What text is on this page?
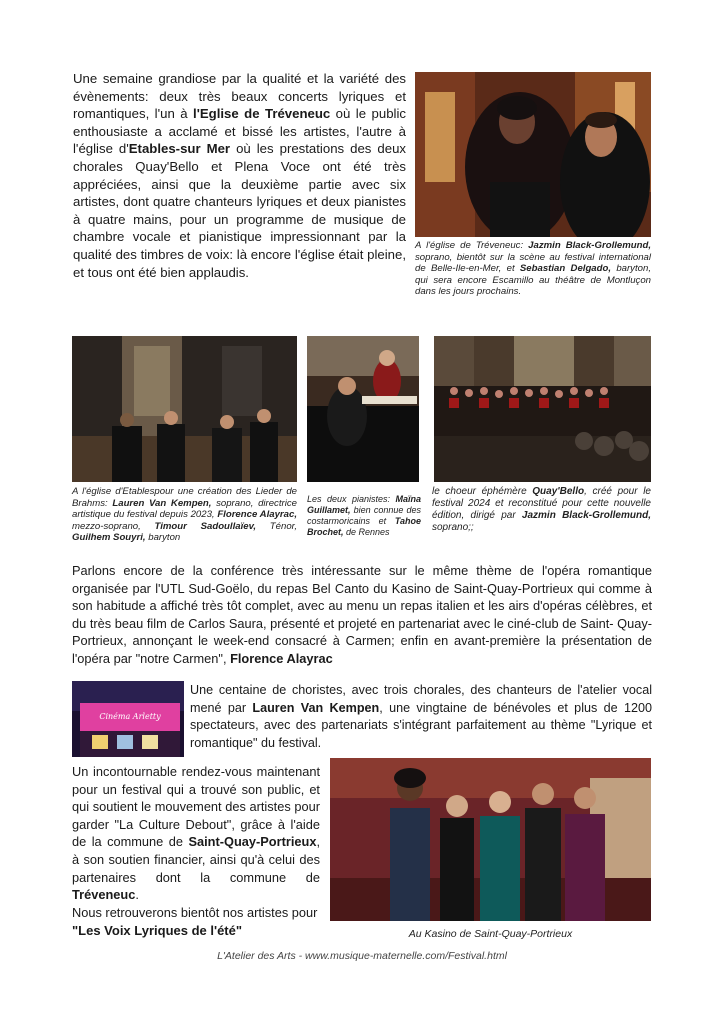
Une semaine grandiose par la qualité et la variété des évènements: deux très beaux concerts lyriques et romantiques, l'un à l'Eglise de Tréveneuc où le public enthousiaste a acclamé et bissé les artistes, l'autre à l'église d'Etables-sur Mer où les prestations des deux chorales Quay'Bello et Plena Voce ont été très appréciées, ainsi que la deuxième partie avec six artistes, dont quatre chanteurs lyriques et deux pianistes à quatre mains, pour un programme de musique de chambre vocale et pianistique impressionnant par la qualité des timbres de voix: là encore l'église était pleine, et tous ont été bien applaudis.
A l'église de Tréveneuc: Jazmin Black-Grollemund, soprano, bientôt sur la scène au festival international de Belle-Ile-en-Mer, et Sebastian Delgado, baryton, qui sera encore Escamillo au théâtre de Montluçon dans les jours prochains.
A l'église d'Etablespour une création des Lieder de Brahms: Lauren Van Kempen, soprano, directrice artistique du festival depuis 2023, Florence Alayrac, mezzo-soprano, Timour Sadoullaïev, Ténor, Guilhem Souyri, baryton
Les deux pianistes: Maïna Guillamet, bien connue des costarmoricains et Tahoe Brochet, de Rennes
le choeur éphémère Quay'Bello, créé pour le festival 2024 et reconstitué pour cette nouvelle édition, dirigé par Jazmin Black-Grollemund, soprano;;
Parlons encore de la conférence très intéressante sur le même thème de l'opéra romantique organisée par l'UTL Sud-Goëlo, du repas Bel Canto du Kasino de Saint-Quay-Portrieux qui comme à son habitude a affiché très tôt complet, avec au menu un repas italien et les airs d'opéras célèbres, et du très beau film de Carlos Saura, présenté et projeté en partenariat avec le ciné-club de Saint- Quay-Portrieux, annonçant le week-end consacré à Carmen; enfin en avant-première la présentation de l'opéra par "notre Carmen", Florence Alayrac
Cinéma Arletty
Une centaine de choristes, avec trois chorales, des chanteurs de l'atelier vocal mené par Lauren Van Kempen, une vingtaine de bénévoles et plus de 1200 spectateurs, avec des partenariats s'intégrant parfaitement au thème "Lyrique et romantique" du festival.
Un incontournable rendez-vous maintenant pour un festival qui a trouvé son public, et qui soutient le mouvement des artistes pour garder "La Culture Debout", grâce à l'aide de la commune de Saint-Quay-Portrieux, à son soutien financier, ainsi qu'à celui des partenaires dont la commune de Tréveneuc.
Nous retrouverons bientôt nos artistes pour
"Les Voix Lyriques de l'été"	Au Kasino de Saint-Quay-Portrieux
L'Atelier des Arts - www.musique-maternelle.com/Festival.html
